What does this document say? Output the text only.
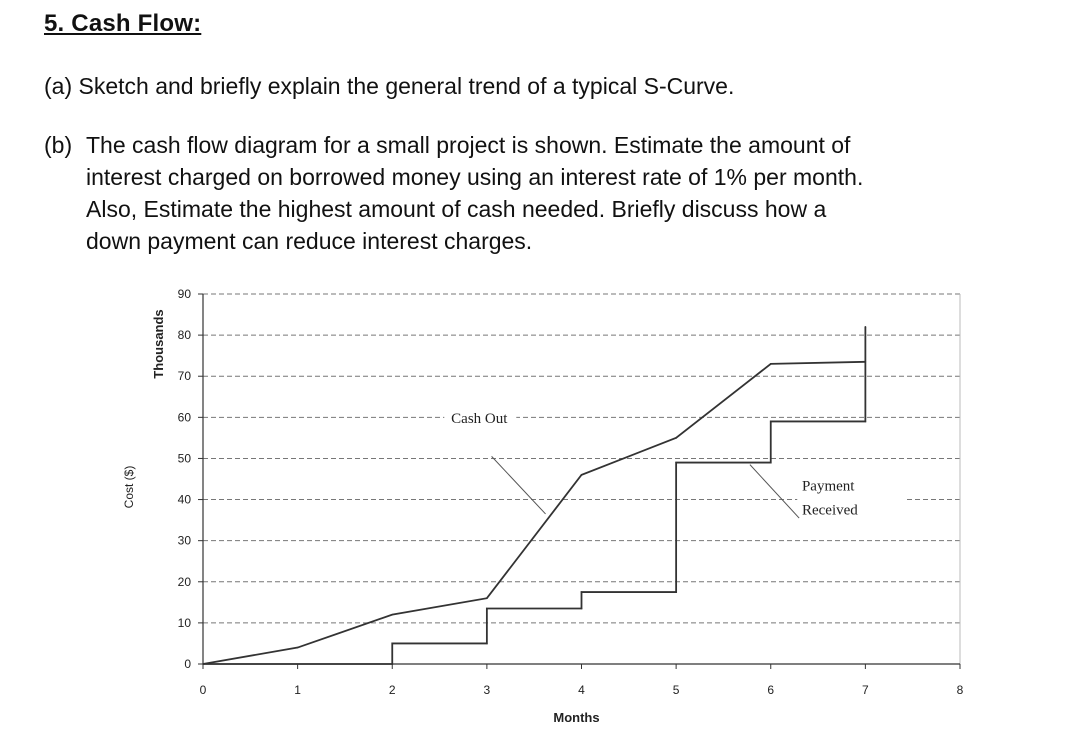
5. Cash Flow:
(a) Sketch and briefly explain the general trend of a typical S-Curve.
(b) The cash flow diagram for a small project is shown. Estimate the amount of
interest charged on borrowed money using an interest rate of 1% per month.
Also, Estimate the highest amount of cash needed. Briefly discuss how a
down payment can reduce interest charges.
0
10
20
30
40
50
60
70
80
90
0	1	2	3	4	5	6	7	8
Months
Thousands
Cost ($)
Cash Out
Payment
Received
